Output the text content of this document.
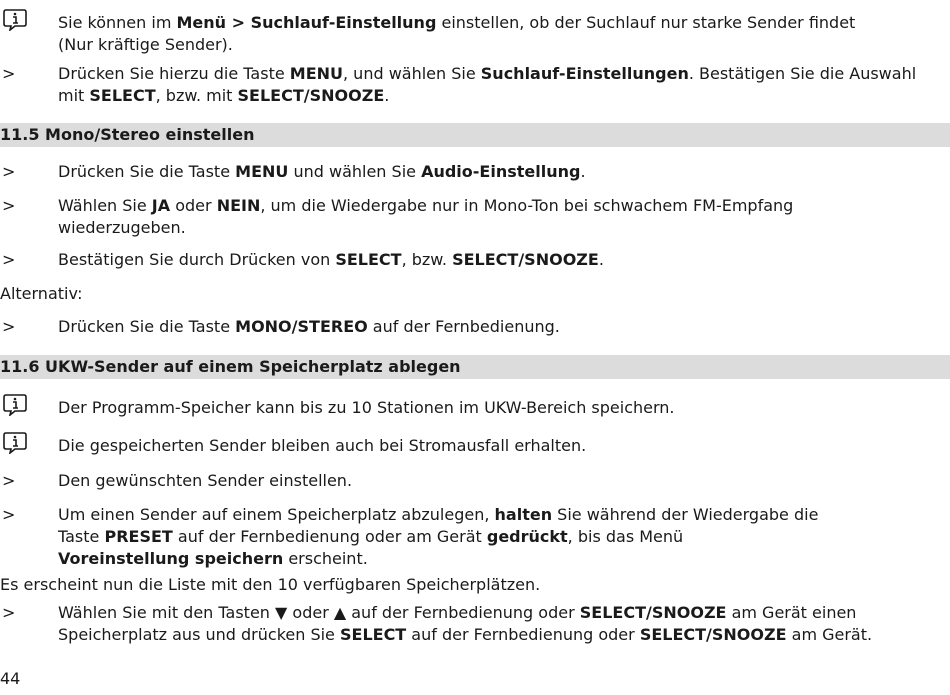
Sie können im Menü > Suchlauf-Einstellung einstellen, ob der Suchlauf nur starke Sender findet
(Nur kräftige Sender).
>	Drücken Sie hierzu die Taste MENU, und wählen Sie Suchlauf-Einstellungen. Bestätigen Sie die Auswahl
mit SELECT, bzw. mit SELECT/SNOOZE.
11.5 Mono/Stereo einstellen
>	Drücken Sie die Taste MENU und wählen Sie Audio-Einstellung.
>	Wählen Sie JA oder NEIN, um die Wiedergabe nur in Mono-Ton bei schwachem FM-Empfang
wiederzugeben.
>	Bestätigen Sie durch Drücken von SELECT, bzw. SELECT/SNOOZE.
Alternativ:
>	Drücken Sie die Taste MONO/STEREO auf der Fernbedienung.
11.6 UKW-Sender auf einem Speicherplatz ablegen
Der Programm-Speicher kann bis zu 10 Stationen im UKW-Bereich speichern.
Die gespeicherten Sender bleiben auch bei Stromausfall erhalten.
>	Den gewünschten Sender einstellen.
>	Um einen Sender auf einem Speicherplatz abzulegen, halten Sie während der Wiedergabe die
Taste PRESET auf der Fernbedienung oder am Gerät gedrückt, bis das Menü
Voreinstellung speichern erscheint.
Es erscheint nun die Liste mit den 10 verfügbaren Speicherplätzen.
>	Wählen Sie mit den Tasten ▼ oder ▲ auf der Fernbedienung oder SELECT/SNOOZE am Gerät einen
Speicherplatz aus und drücken Sie SELECT auf der Fernbedienung oder SELECT/SNOOZE am Gerät.
44
